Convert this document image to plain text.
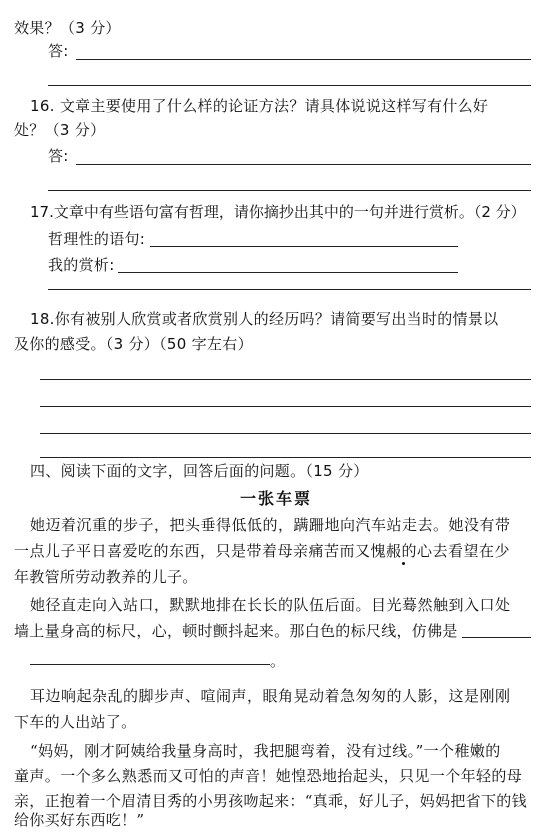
效果？（3 分）
答:
16. 文章主要使用了什么样的论证方法？请具体说说这样写有什么好
处？（3 分）
答:
17.文章中有些语句富有哲理，请你摘抄出其中的一句并进行赏析。（2 分）
哲理性的语句:
我的赏析:
18.你有被别人欣赏或者欣赏别人的经历吗？请简要写出当时的情景以
及你的感受。（3 分）（50 字左右）
四、阅读下面的文字，回答后面的问题。（15 分）
一张车票
她迈着沉重的步子，把头垂得低低的，蹒跚地向汽车站走去。她没有带
一点儿子平日喜爱吃的东西，只是带着母亲痛苦而又愧赧的心去看望在少
年教管所劳动教养的儿子。
她径直走向入站口，默默地排在长长的队伍后面。目光蓦然触到入口处
墙上量身高的标尺，心，顿时颤抖起来。那白色的标尺线，仿佛是
。
耳边响起杂乱的脚步声、喧闹声，眼角晃动着急匆匆的人影，这是刚刚
下车的人出站了。
“妈妈，刚才阿姨给我量身高时，我把腿弯着，没有过线。”一个稚嫩的
童声。一个多么熟悉而又可怕的声音！她惶恐地抬起头，只见一个年轻的母
亲，正抱着一个眉清目秀的小男孩吻起来：“真乖，好儿子，妈妈把省下的钱
给你买好东西吃！”
